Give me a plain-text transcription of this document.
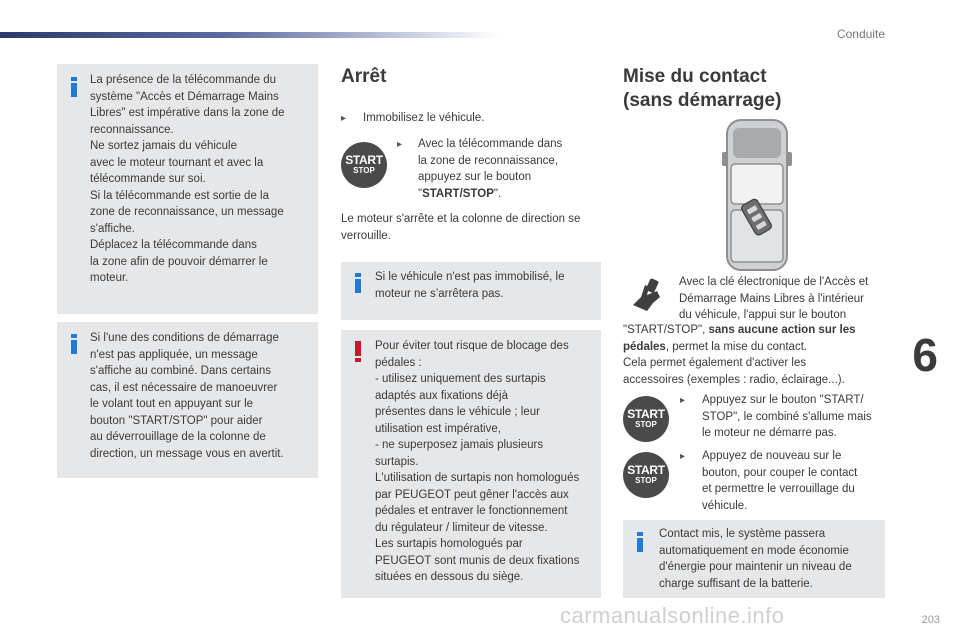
Conduite
6
203
carmanualsonline.info
La présence de la télécommande du
système "Accès et Démarrage Mains
Libres" est impérative dans la zone de
reconnaissance.
Ne sortez jamais du véhicule
avec le moteur tournant et avec la
télécommande sur soi.
Si la télécommande est sortie de la
zone de reconnaissance, un message
s'affiche.
Déplacez la télécommande dans
la zone afin de pouvoir démarrer le
moteur.
Si l'une des conditions de démarrage
n'est pas appliquée, un message
s'affiche au combiné. Dans certains
cas, il est nécessaire de manoeuvrer
le volant tout en appuyant sur le
bouton "START/STOP" pour aider
au déverrouillage de la colonne de
direction, un message vous en avertit.
Arrêt
▸ Immobilisez le véhicule.
START
STOP
▸ Avec la télécommande dans
la zone de reconnaissance,
appuyez sur le bouton
"START/STOP".
Le moteur s'arrête et la colonne de direction se
verrouille.
Si le véhicule n'est pas immobilisé, le
moteur ne s’arrêtera pas.
Pour éviter tout risque de blocage des
pédales :
- utilisez uniquement des surtapis
adaptés aux fixations déjà
présentes dans le véhicule ; leur
utilisation est impérative,
- ne superposez jamais plusieurs
surtapis.
L'utilisation de surtapis non homologués
par PEUGEOT peut gêner l'accès aux
pédales et entraver le fonctionnement
du régulateur / limiteur de vitesse.
Les surtapis homologués par
PEUGEOT sont munis de deux fixations
situées en dessous du siège.
Mise du contact
(sans démarrage)
Avec la clé électronique de l'Accès et
Démarrage Mains Libres à l'intérieur
du véhicule, l'appui sur le bouton
"START/STOP", sans aucune action sur les
pédales, permet la mise du contact.
Cela permet également d'activer les
accessoires (exemples : radio, éclairage...).
START
STOP
▸ Appuyez sur le bouton "START/
STOP", le combiné s'allume mais
le moteur ne démarre pas.
START
STOP
▸ Appuyez de nouveau sur le
bouton, pour couper le contact
et permettre le verrouillage du
véhicule.
Contact mis, le système passera
automatiquement en mode économie
d'énergie pour maintenir un niveau de
charge suffisant de la batterie.
